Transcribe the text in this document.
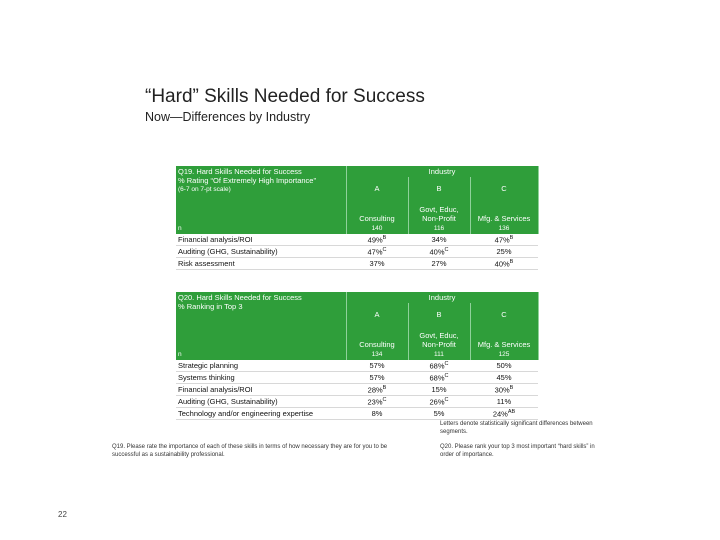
“Hard” Skills Needed for Success
Now—Differences by Industry
Q19. Hard Skills Needed for Success
% Rating “Of Extremely High Importance”
(6-7 on 7-pt scale)	Industry		
	A	B	C
	Consulting	Govt, Educ, Non-Profit	Mfg. & Services
n	140	116	136
Financial analysis/ROI	49%$^B$	34%	47%$^B$
Auditing (GHG, Sustainability)	47%$^C$	40%$^C$	25%
Risk assessment	37%	27%	40%$^B$
Q20. Hard Skills Needed for Success
% Ranking in Top 3	Industry		
	A	B	C
	Consulting	Govt, Educ, Non-Profit	Mfg. & Services
n	134	111	125
Strategic planning	57%	68%$^C$	50%
Systems thinking	57%	68%$^C$	45%
Financial analysis/ROI	28%$^B$	15%	30%$^B$
Auditing (GHG, Sustainability)	23%$^C$	26%$^C$	11%
Technology and/or engineering expertise	8%	5%	24%$^{AB}$
Letters denote statistically significant differences between segments.
Q19. Please rate the importance of each of these skills in terms of how necessary they are for you to be successful as a sustainability professional.
Q20. Please rank your top 3 most important “hard skills” in order of importance.
22
